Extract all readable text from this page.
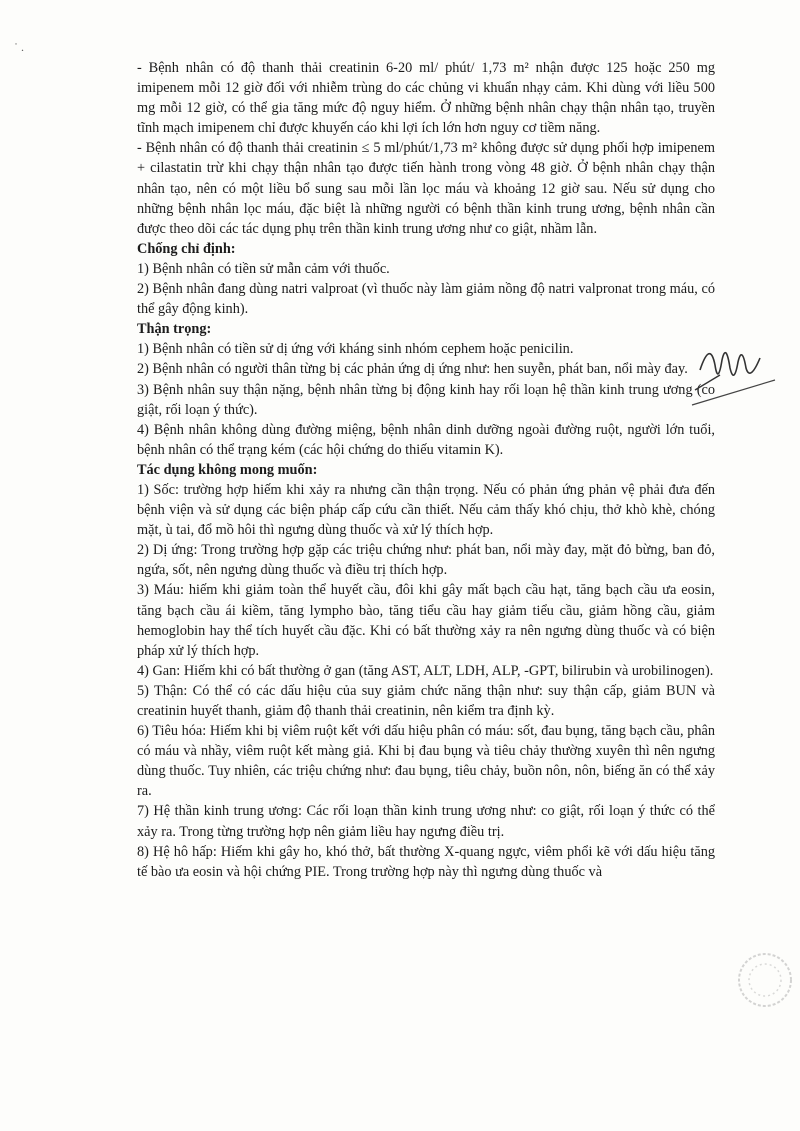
˙ .

- Bệnh nhân có độ thanh thải creatinin 6-20 ml/ phút/ 1,73 m² nhận được 125 hoặc 250 mg imipenem mỗi 12 giờ đối với nhiễm trùng do các chủng vi khuẩn nhạy cảm. Khi dùng với liều 500 mg mỗi 12 giờ, có thể gia tăng mức độ nguy hiểm. Ở những bệnh nhân chạy thận nhân tạo, truyền tĩnh mạch imipenem chỉ được khuyến cáo khi lợi ích lớn hơn nguy cơ tiềm năng.

- Bệnh nhân có độ thanh thải creatinin ≤ 5 ml/phút/1,73 m² không được sử dụng phối hợp imipenem + cilastatin trừ khi chạy thận nhân tạo được tiến hành trong vòng 48 giờ. Ở bệnh nhân chạy thận nhân tạo, nên có một liều bổ sung sau mỗi lần lọc máu và khoảng 12 giờ sau. Nếu sử dụng cho những bệnh nhân lọc máu, đặc biệt là những người có bệnh thần kinh trung ương, bệnh nhân cần được theo dõi các tác dụng phụ trên thần kinh trung ương như co giật, nhầm lẫn.

Chống chỉ định:

1) Bệnh nhân có tiền sử mẫn cảm với thuốc.

2) Bệnh nhân đang dùng natri valproat (vì thuốc này làm giảm nồng độ natri valpronat trong máu, có thể gây động kinh).

Thận trọng:

1) Bệnh nhân có tiền sử dị ứng với kháng sinh nhóm cephem hoặc penicilin.

2) Bệnh nhân có người thân từng bị các phản ứng dị ứng như: hen suyễn, phát ban, nổi mày đay.

3) Bệnh nhân suy thận nặng, bệnh nhân từng bị động kinh hay rối loạn hệ thần kinh trung ương (co giật, rối loạn ý thức).

4) Bệnh nhân không dùng đường miệng, bệnh nhân dinh dưỡng ngoài đường ruột, người lớn tuổi, bệnh nhân có thể trạng kém (các hội chứng do thiếu vitamin K).

Tác dụng không mong muốn:

1) Sốc: trường hợp hiếm khi xảy ra nhưng cần thận trọng. Nếu có phản ứng phản vệ phải đưa đến bệnh viện và sử dụng các biện pháp cấp cứu cần thiết. Nếu cảm thấy khó chịu, thở khò khè, chóng mặt, ù tai, đổ mồ hôi thì ngưng dùng thuốc và xử lý thích hợp.

2) Dị ứng: Trong trường hợp gặp các triệu chứng như: phát ban, nổi mày đay, mặt đỏ bừng, ban đỏ, ngứa, sốt, nên ngưng dùng thuốc và điều trị thích hợp.

3) Máu: hiếm khi giảm toàn thể huyết cầu, đôi khi gây mất bạch cầu hạt, tăng bạch cầu ưa eosin, tăng bạch cầu ái kiềm, tăng lympho bào, tăng tiểu cầu hay giảm tiểu cầu, giảm hồng cầu, giảm hemoglobin hay thể tích huyết cầu đặc. Khi có bất thường xảy ra nên ngưng dùng thuốc và có biện pháp xử lý thích hợp.

4) Gan: Hiếm khi có bất thường ở gan (tăng AST, ALT, LDH, ALP, -GPT, bilirubin và urobilinogen).

5) Thận: Có thể có các dấu hiệu của suy giảm chức năng thận như: suy thận cấp, giảm BUN và creatinin huyết thanh, giảm độ thanh thải creatinin, nên kiểm tra định kỳ.

6) Tiêu hóa: Hiếm khi bị viêm ruột kết với dấu hiệu phân có máu: sốt, đau bụng, tăng bạch cầu, phân có máu và nhầy, viêm ruột kết màng giả. Khi bị đau bụng và tiêu chảy thường xuyên thì nên ngưng dùng thuốc. Tuy nhiên, các triệu chứng như: đau bụng, tiêu chảy, buồn nôn, nôn, biếng ăn có thể xảy ra.

7) Hệ thần kinh trung ương: Các rối loạn thần kinh trung ương như: co giật, rối loạn ý thức có thể xảy ra. Trong từng trường hợp nên giảm liều hay ngưng điều trị.

8) Hệ hô hấp: Hiếm khi gây ho, khó thở, bất thường X-quang ngực, viêm phổi kẽ với dấu hiệu tăng tế bào ưa eosin và hội chứng PIE. Trong trường hợp này thì ngưng dùng thuốc và
